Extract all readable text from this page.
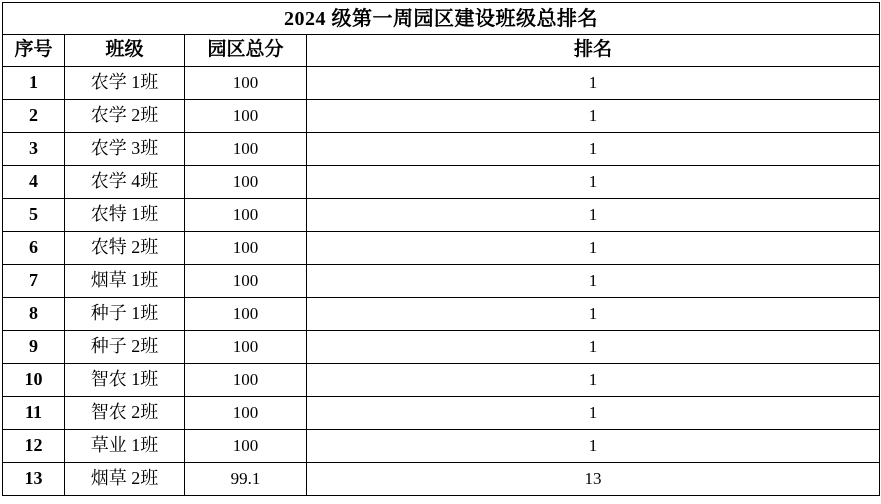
2024 级第一周园区建设班级总排名			
序号	班级	园区总分	排名
1	农学 1班	100	1
2	农学 2班	100	1
3	农学 3班	100	1
4	农学 4班	100	1
5	农特 1班	100	1
6	农特 2班	100	1
7	烟草 1班	100	1
8	种子 1班	100	1
9	种子 2班	100	1
10	智农 1班	100	1
11	智农 2班	100	1
12	草业 1班	100	1
13	烟草 2班	99.1	13
